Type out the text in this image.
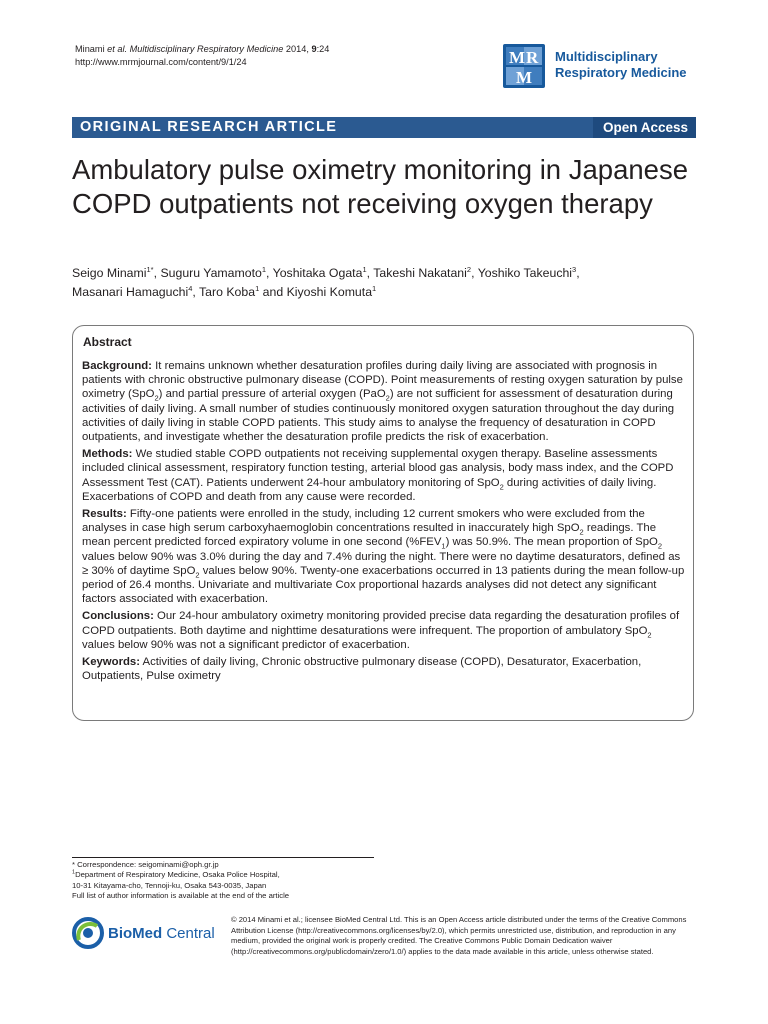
Minami et al. Multidisciplinary Respiratory Medicine 2014, 9:24
http://www.mrmjournal.com/content/9/1/24	M R
M
Multidisciplinary
Respiratory Medicine
ORIGINAL RESEARCH ARTICLE	Open Access
Ambulatory pulse oximetry monitoring in Japanese COPD outpatients not receiving oxygen therapy
Seigo Minami$^{1*}$, Suguru Yamamoto$^1$, Yoshitaka Ogata$^1$, Takeshi Nakatani$^2$, Yoshiko Takeuchi$^3$,
Masanari Hamaguchi$^4$, Taro Koba$^1$ and Kiyoshi Komuta$^1$
Abstract

Background: It remains unknown whether desaturation profiles during daily living are associated with prognosis in patients with chronic obstructive pulmonary disease (COPD). Point measurements of resting oxygen saturation by pulse oximetry (SpO$_2$) and partial pressure of arterial oxygen (PaO$_2$) are not sufficient for assessment of desaturation during activities of daily living. A small number of studies continuously monitored oxygen saturation throughout the day during activities of daily living in stable COPD patients. This study aims to analyse the frequency of desaturation in COPD outpatients, and investigate whether the desaturation profile predicts the risk of exacerbation.

Methods: We studied stable COPD outpatients not receiving supplemental oxygen therapy. Baseline assessments included clinical assessment, respiratory function testing, arterial blood gas analysis, body mass index, and the COPD Assessment Test (CAT). Patients underwent 24-hour ambulatory monitoring of SpO$_2$ during activities of daily living. Exacerbations of COPD and death from any cause were recorded.

Results: Fifty-one patients were enrolled in the study, including 12 current smokers who were excluded from the analyses in case high serum carboxyhaemoglobin concentrations resulted in inaccurately high SpO$_2$ readings. The mean percent predicted forced expiratory volume in one second $(\%FEV_1)$ was 50.9%. The mean proportion of SpO$_2$ values below 90% was 3.0% during the day and 7.4% during the night. There were no daytime desaturators, defined as ≥ 30% of daytime SpO$_2$ values below 90%. Twenty-one exacerbations occurred in 13 patients during the mean follow-up period of 26.4 months. Univariate and multivariate Cox proportional hazards analyses did not detect any significant factors associated with exacerbation.

Conclusions: Our 24-hour ambulatory oximetry monitoring provided precise data regarding the desaturation profiles of COPD outpatients. Both daytime and nighttime desaturations were infrequent. The proportion of ambulatory SpO$_2$ values below 90% was not a significant predictor of exacerbation.

Keywords: Activities of daily living, Chronic obstructive pulmonary disease (COPD), Desaturator, Exacerbation, Outpatients, Pulse oximetry

* Correspondence: seigominami@oph.gr.jp
$^1$Department of Respiratory Medicine, Osaka Police Hospital,
10-31 Kitayama-cho, Tennoji-ku, Osaka 543-0035, Japan
Full list of author information is available at the end of the article
BioMed Central
© 2014 Minami et al.; licensee BioMed Central Ltd. This is an Open Access article distributed under the terms of the Creative Commons Attribution License (http://creativecommons.org/licenses/by/2.0), which permits unrestricted use, distribution, and reproduction in any medium, provided the original work is properly credited. The Creative Commons Public Domain Dedication waiver (http://creativecommons.org/publicdomain/zero/1.0/) applies to the data made available in this article, unless otherwise stated.
